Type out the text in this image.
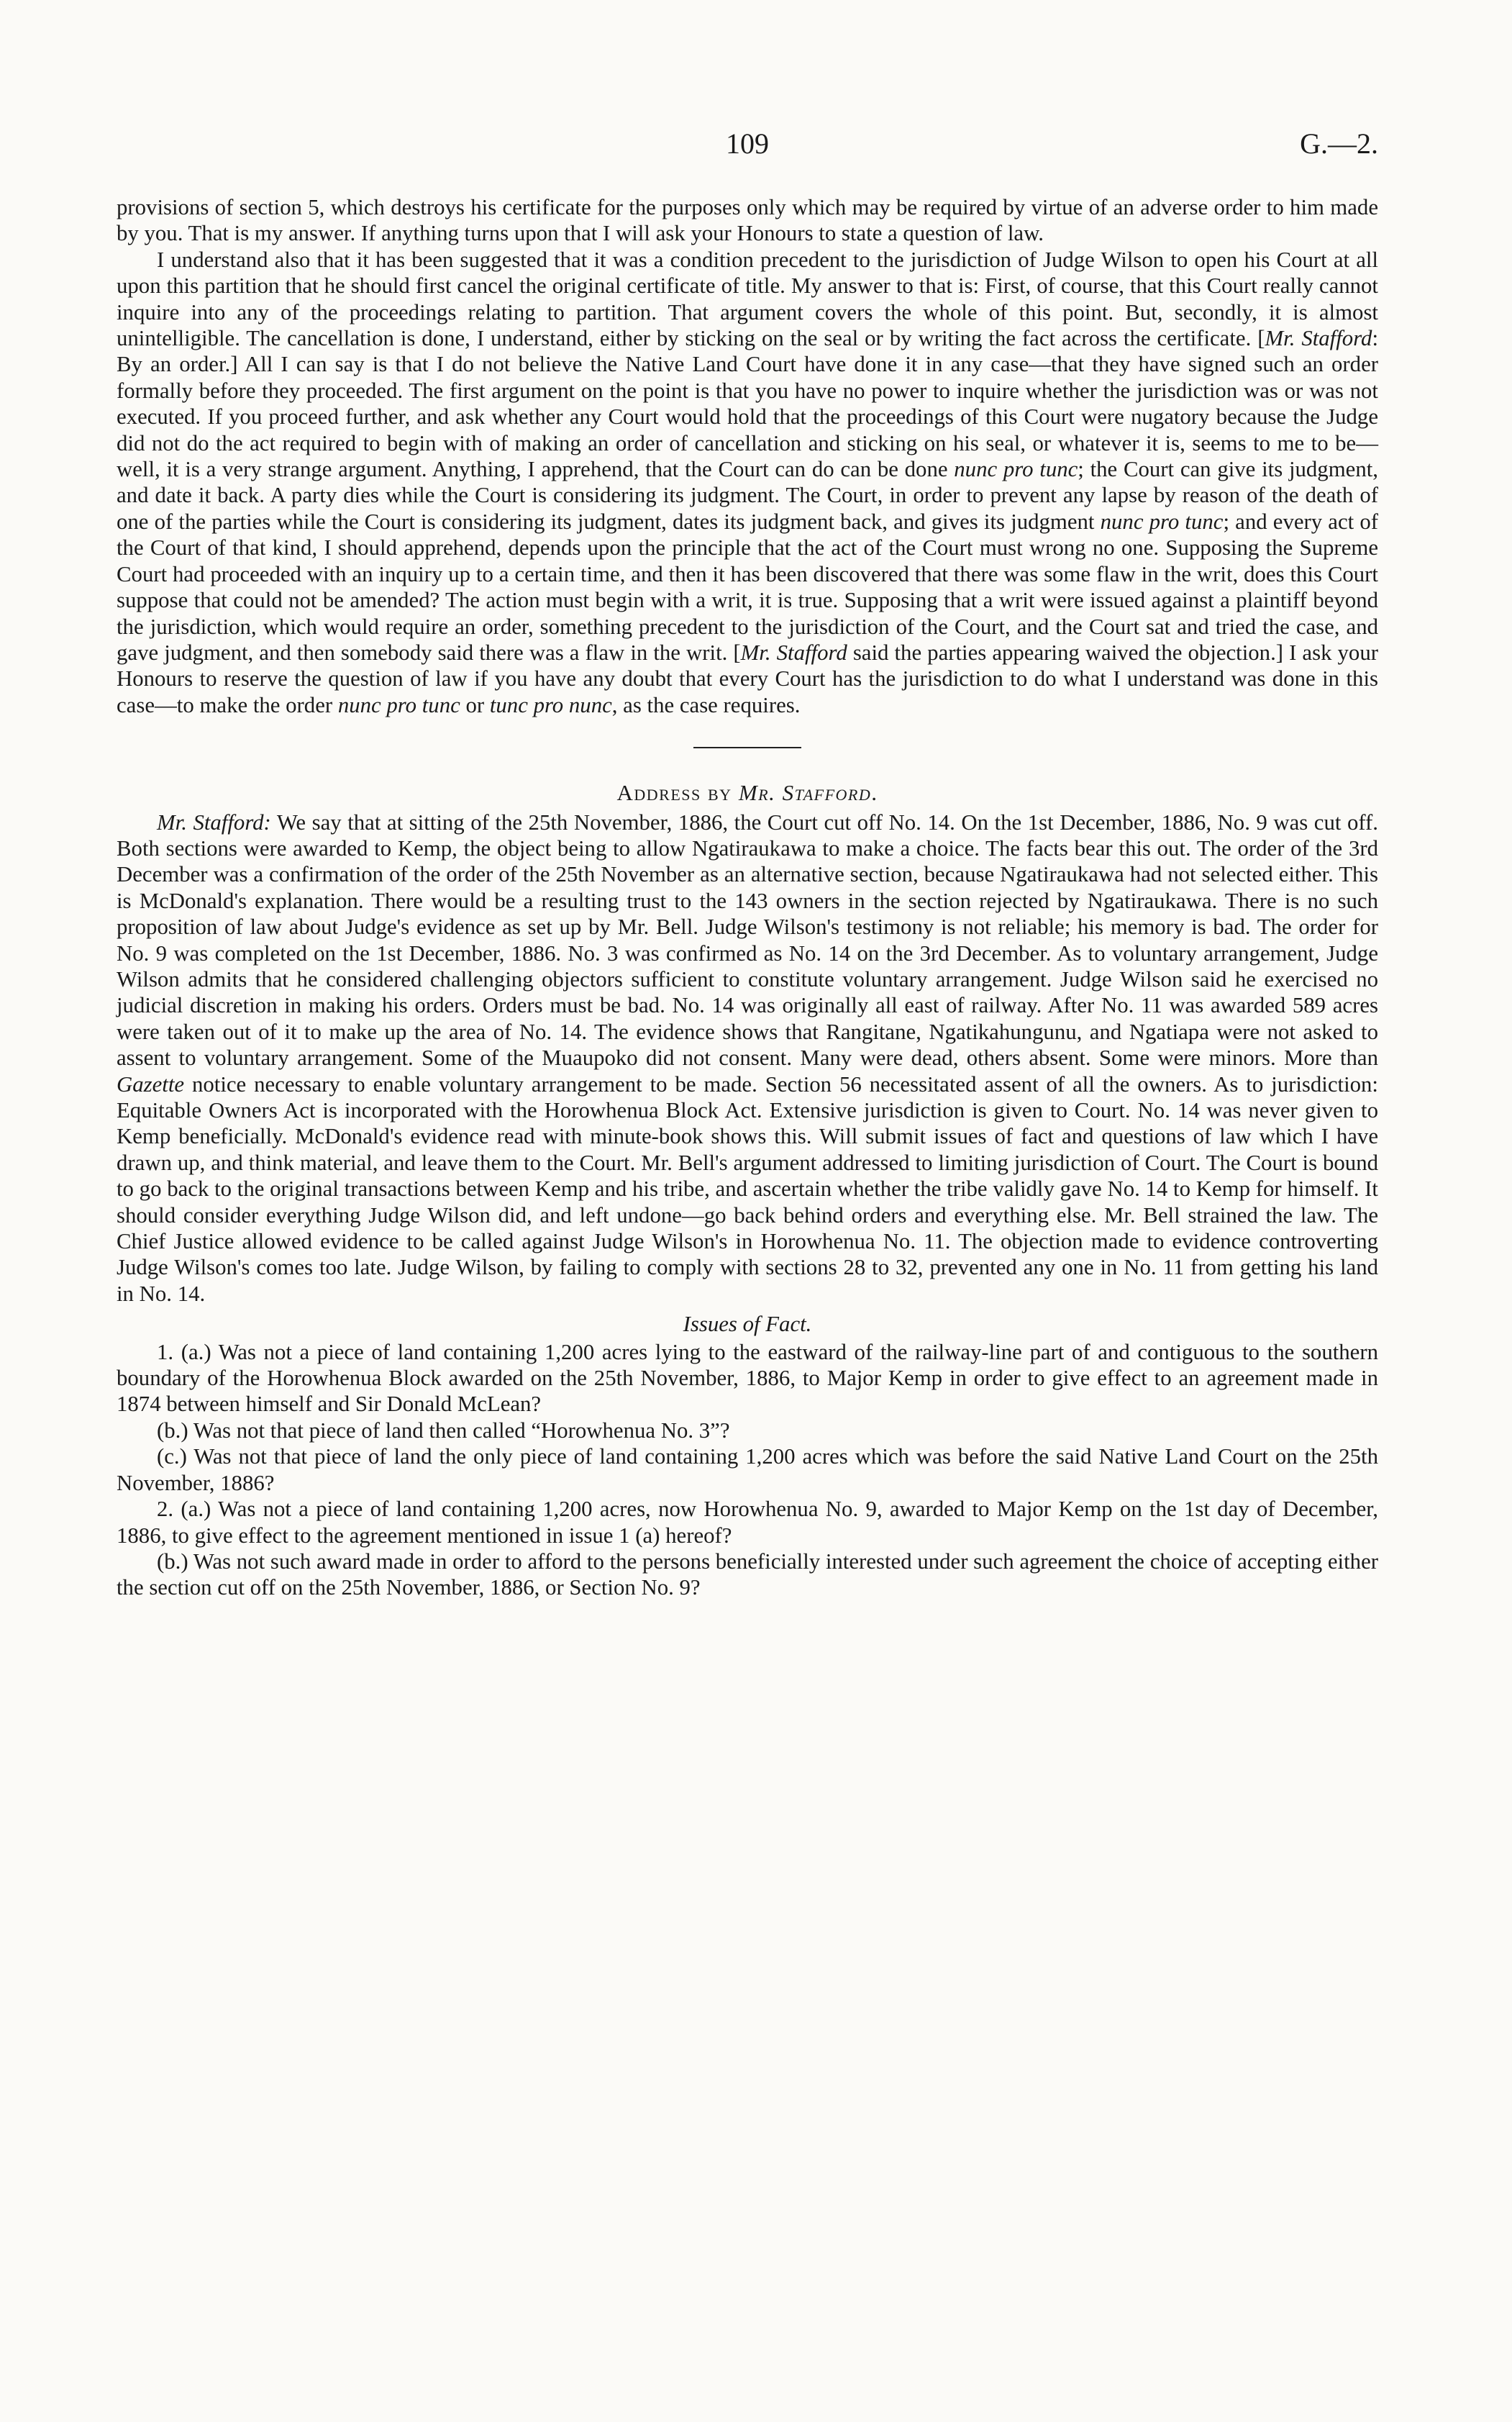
109	G.—2.

provisions of section 5, which destroys his certificate for the purposes only which may be required by virtue of an adverse order to him made by you. That is my answer. If anything turns upon that I will ask your Honours to state a question of law.

I understand also that it has been suggested that it was a condition precedent to the jurisdiction of Judge Wilson to open his Court at all upon this partition that he should first cancel the original certificate of title. My answer to that is: First, of course, that this Court really cannot inquire into any of the proceedings relating to partition. That argument covers the whole of this point. But, secondly, it is almost unintelligible. The cancellation is done, I understand, either by sticking on the seal or by writing the fact across the certificate. [Mr. Stafford: By an order.] All I can say is that I do not believe the Native Land Court have done it in any case—that they have signed such an order formally before they proceeded. The first argument on the point is that you have no power to inquire whether the jurisdiction was or was not executed. If you proceed further, and ask whether any Court would hold that the proceedings of this Court were nugatory because the Judge did not do the act required to begin with of making an order of cancellation and sticking on his seal, or whatever it is, seems to me to be—well, it is a very strange argument. Anything, I apprehend, that the Court can do can be done nunc pro tunc; the Court can give its judgment, and date it back. A party dies while the Court is considering its judgment. The Court, in order to prevent any lapse by reason of the death of one of the parties while the Court is considering its judgment, dates its judgment back, and gives its judgment nunc pro tunc; and every act of the Court of that kind, I should apprehend, depends upon the principle that the act of the Court must wrong no one. Supposing the Supreme Court had proceeded with an inquiry up to a certain time, and then it has been discovered that there was some flaw in the writ, does this Court suppose that could not be amended? The action must begin with a writ, it is true. Supposing that a writ were issued against a plaintiff beyond the jurisdiction, which would require an order, something precedent to the jurisdiction of the Court, and the Court sat and tried the case, and gave judgment, and then somebody said there was a flaw in the writ. [Mr. Stafford said the parties appearing waived the objection.] I ask your Honours to reserve the question of law if you have any doubt that every Court has the jurisdiction to do what I understand was done in this case—to make the order nunc pro tunc or tunc pro nunc, as the case requires.

Address by Mr. Stafford.

Mr. Stafford: We say that at sitting of the 25th November, 1886, the Court cut off No. 14. On the 1st December, 1886, No. 9 was cut off. Both sections were awarded to Kemp, the object being to allow Ngatiraukawa to make a choice. The facts bear this out. The order of the 3rd December was a confirmation of the order of the 25th November as an alternative section, because Ngatiraukawa had not selected either. This is McDonald's explanation. There would be a resulting trust to the 143 owners in the section rejected by Ngatiraukawa. There is no such proposition of law about Judge's evidence as set up by Mr. Bell. Judge Wilson's testimony is not reliable; his memory is bad. The order for No. 9 was completed on the 1st December, 1886. No. 3 was confirmed as No. 14 on the 3rd December. As to voluntary arrangement, Judge Wilson admits that he considered challenging objectors sufficient to constitute voluntary arrangement. Judge Wilson said he exercised no judicial discretion in making his orders. Orders must be bad. No. 14 was originally all east of railway. After No. 11 was awarded 589 acres were taken out of it to make up the area of No. 14. The evidence shows that Rangitane, Ngatikahungunu, and Ngatiapa were not asked to assent to voluntary arrangement. Some of the Muaupoko did not consent. Many were dead, others absent. Some were minors. More than Gazette notice necessary to enable voluntary arrangement to be made. Section 56 necessitated assent of all the owners. As to jurisdiction: Equitable Owners Act is incorporated with the Horowhenua Block Act. Extensive jurisdiction is given to Court. No. 14 was never given to Kemp beneficially. McDonald's evidence read with minute-book shows this. Will submit issues of fact and questions of law which I have drawn up, and think material, and leave them to the Court. Mr. Bell's argument addressed to limiting jurisdiction of Court. The Court is bound to go back to the original transactions between Kemp and his tribe, and ascertain whether the tribe validly gave No. 14 to Kemp for himself. It should consider everything Judge Wilson did, and left undone—go back behind orders and everything else. Mr. Bell strained the law. The Chief Justice allowed evidence to be called against Judge Wilson's in Horowhenua No. 11. The objection made to evidence controverting Judge Wilson's comes too late. Judge Wilson, by failing to comply with sections 28 to 32, prevented any one in No. 11 from getting his land in No. 14.

Issues of Fact.

1. (a.) Was not a piece of land containing 1,200 acres lying to the eastward of the railway-line part of and contiguous to the southern boundary of the Horowhenua Block awarded on the 25th November, 1886, to Major Kemp in order to give effect to an agreement made in 1874 between himself and Sir Donald McLean?

(b.) Was not that piece of land then called “Horowhenua No. 3”?

(c.) Was not that piece of land the only piece of land containing 1,200 acres which was before the said Native Land Court on the 25th November, 1886?

2. (a.) Was not a piece of land containing 1,200 acres, now Horowhenua No. 9, awarded to Major Kemp on the 1st day of December, 1886, to give effect to the agreement mentioned in issue 1 (a) hereof?

(b.) Was not such award made in order to afford to the persons beneficially interested under such agreement the choice of accepting either the section cut off on the 25th November, 1886, or Section No. 9?
